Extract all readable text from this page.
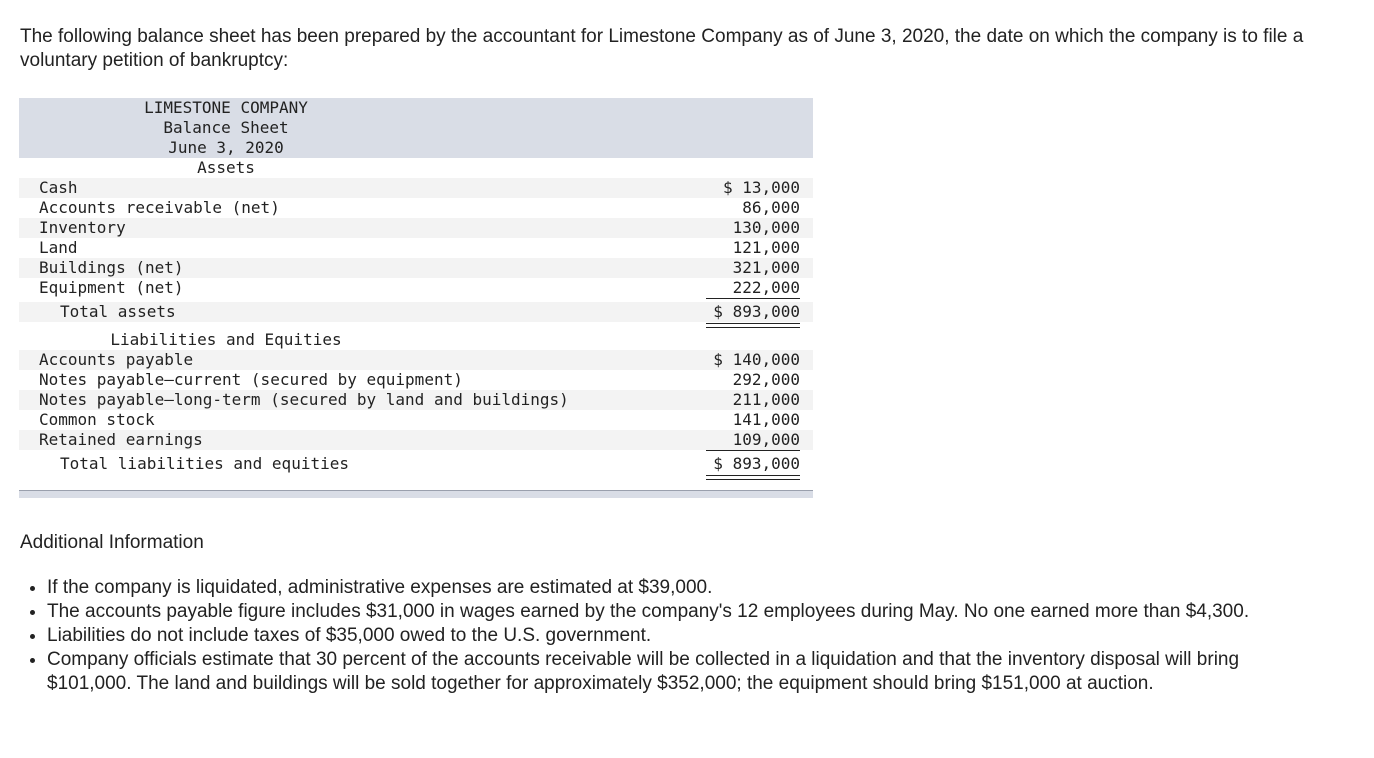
The following balance sheet has been prepared by the accountant for Limestone Company as of June 3, 2020, the date on which the company is to file a voluntary petition of bankruptcy:

LIMESTONE COMPANY
Balance Sheet
June 3, 2020
Assets
Cash	$ 13,000
Accounts receivable (net)	86,000
Inventory	130,000
Land	121,000
Buildings (net)	321,000
Equipment (net)	222,000
Total assets	$ 893,000
Liabilities and Equities
Accounts payable	$ 140,000
Notes payable—current (secured by equipment)	292,000
Notes payable—long-term (secured by land and buildings)	211,000
Common stock	141,000
Retained earnings	109,000
Total liabilities and equities	$ 893,000

Additional Information

• If the company is liquidated, administrative expenses are estimated at $39,000.
• The accounts payable figure includes $31,000 in wages earned by the company's 12 employees during May. No one earned more than $4,300.
• Liabilities do not include taxes of $35,000 owed to the U.S. government.
• Company officials estimate that 30 percent of the accounts receivable will be collected in a liquidation and that the inventory disposal will bring $101,000. The land and buildings will be sold together for approximately $352,000; the equipment should bring $151,000 at auction.
